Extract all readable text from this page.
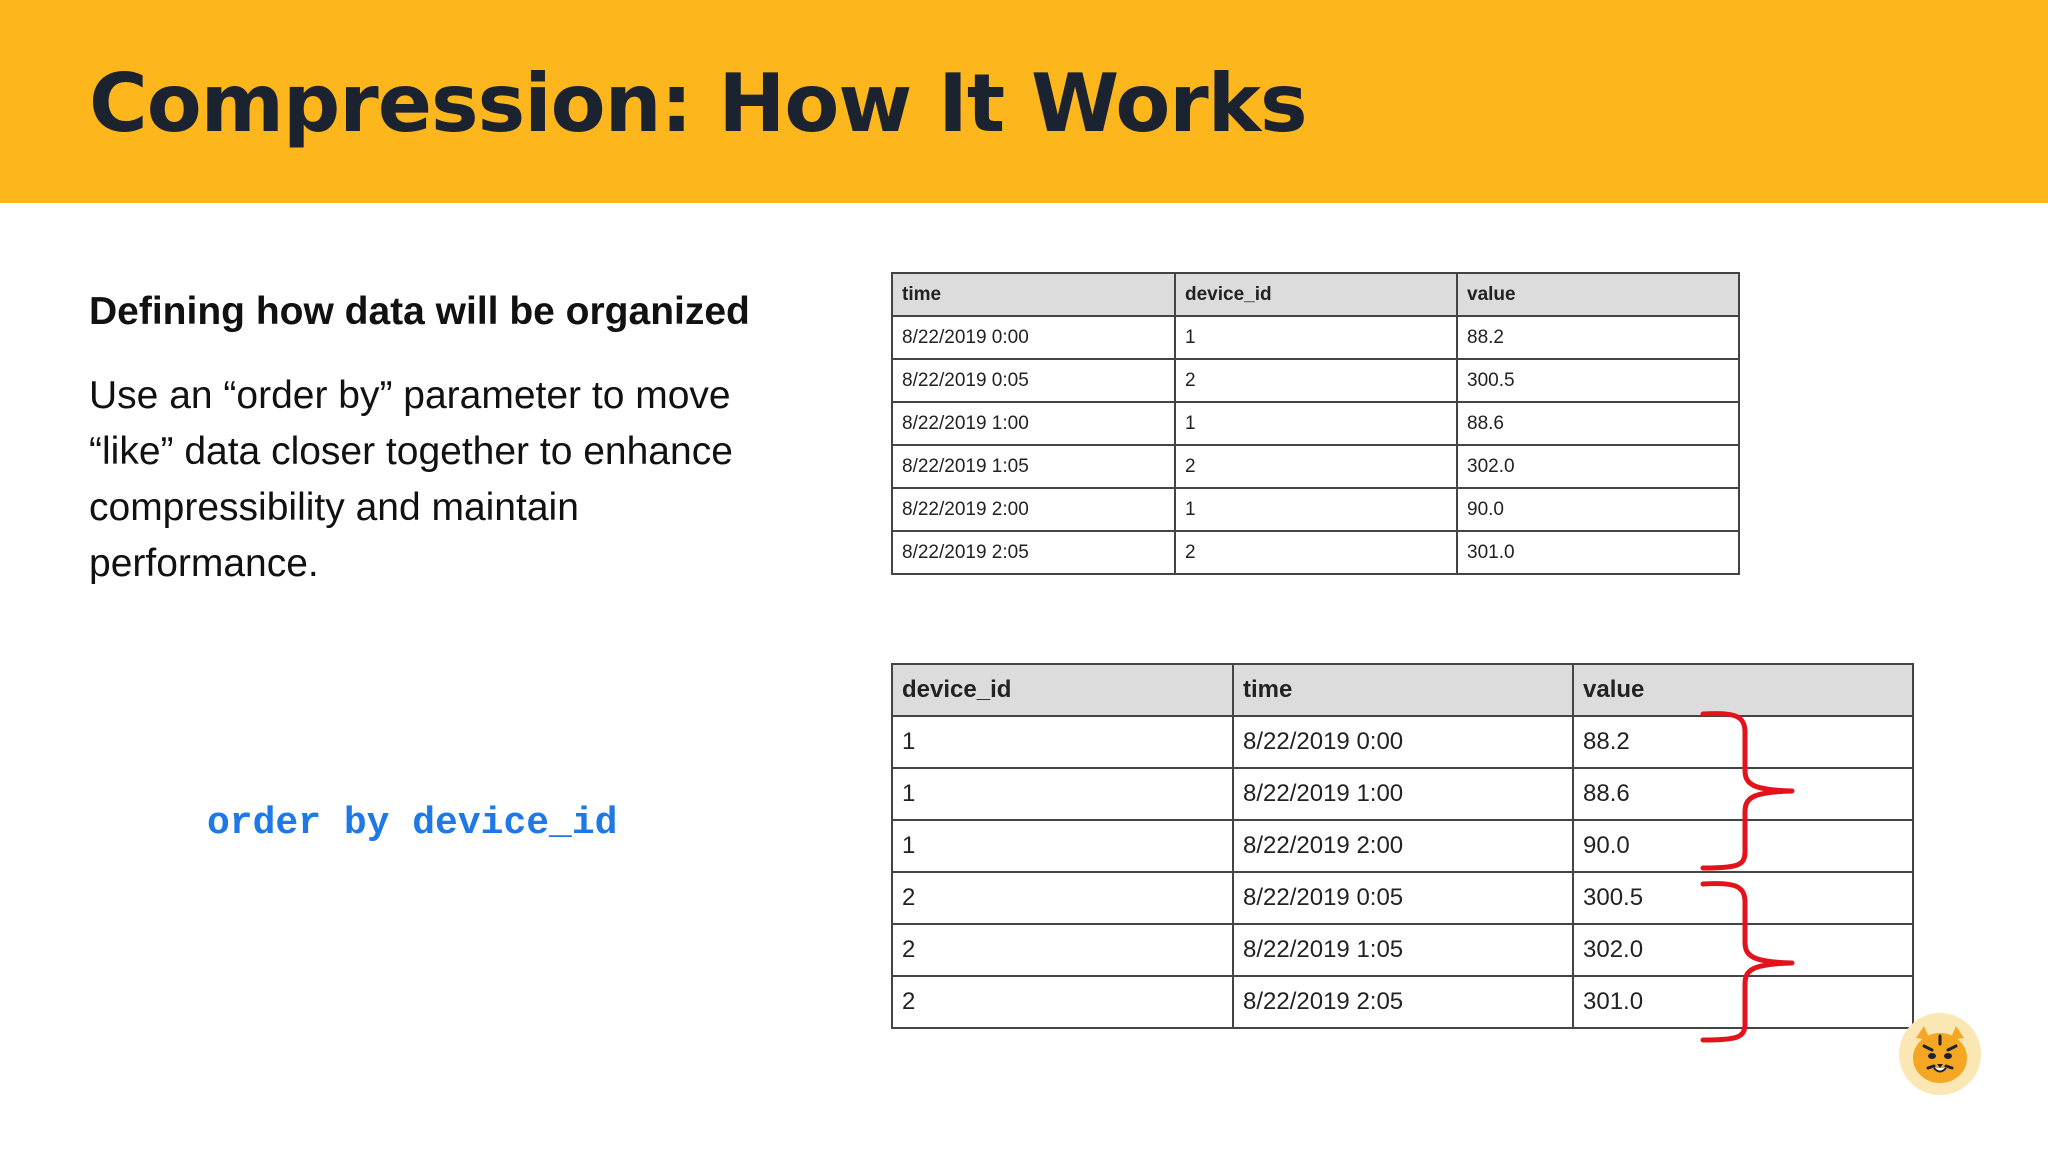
Compression: How It Works

Defining how data will be organized

Use an “order by” parameter to move “like” data closer together to enhance compressibility and maintain performance.

order by device_id

time	device_id	value
8/22/2019 0:00	1	88.2
8/22/2019 0:05	2	300.5
8/22/2019 1:00	1	88.6
8/22/2019 1:05	2	302.0
8/22/2019 2:00	1	90.0
8/22/2019 2:05	2	301.0
device_id	time	value
1	8/22/2019 0:00	88.2
1	8/22/2019 1:00	88.6
1	8/22/2019 2:00	90.0
2	8/22/2019 0:05	300.5
2	8/22/2019 1:05	302.0
2	8/22/2019 2:05	301.0
